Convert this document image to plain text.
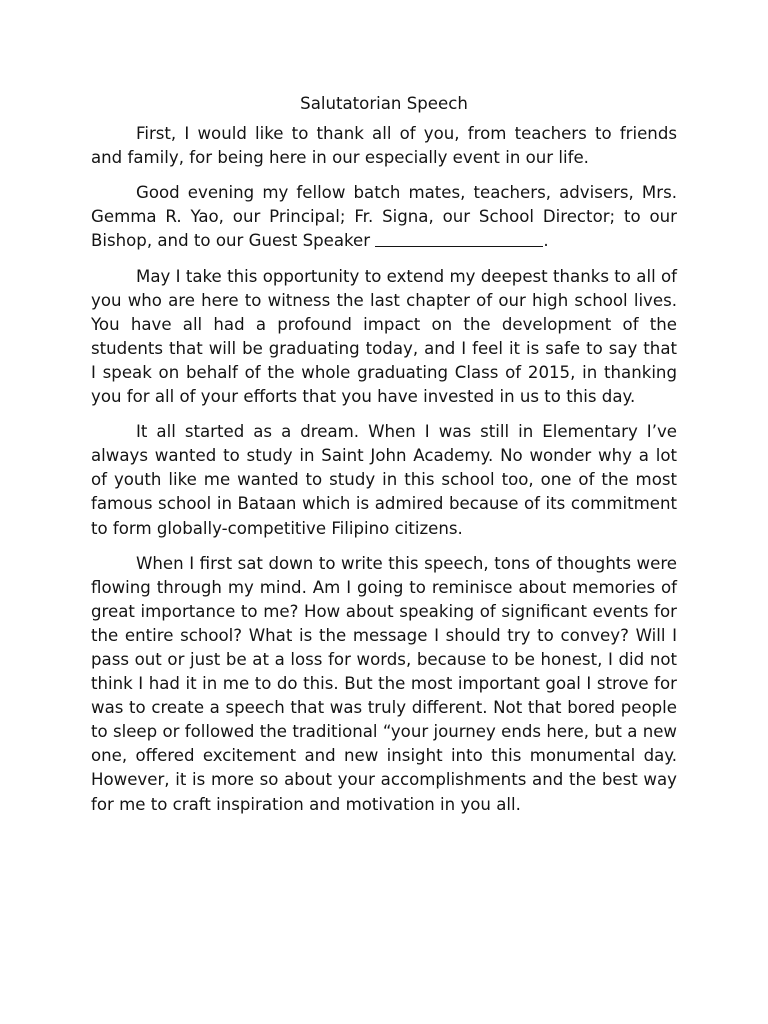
Salutatorian Speech

First, I would like to thank all of you, from teachers to friends and family, for being here in our especially event in our life.

Good evening my fellow batch mates, teachers, advisers, Mrs. Gemma R. Yao, our Principal; Fr. Signa, our School Director; to our Bishop, and to our Guest Speaker	.

May I take this opportunity to extend my deepest thanks to all of you who are here to witness the last chapter of our high school lives. You have all had a profound impact on the development of the students that will be graduating today, and I feel it is safe to say that I speak on behalf of the whole graduating Class of 2015, in thanking you for all of your efforts that you have invested in us to this day.

It all started as a dream. When I was still in Elementary I’ve always wanted to study in Saint John Academy. No wonder why a lot of youth like me wanted to study in this school too, one of the most famous school in Bataan which is admired because of its commitment to form globally-competitive Filipino citizens.

When I first sat down to write this speech, tons of thoughts were flowing through my mind. Am I going to reminisce about memories of great importance to me? How about speaking of significant events for the entire school? What is the message I should try to convey? Will I pass out or just be at a loss for words, because to be honest, I did not think I had it in me to do this. But the most important goal I strove for was to create a speech that was truly different. Not that bored people to sleep or followed the traditional “your journey ends here, but a new one, offered excitement and new insight into this monumental day. However, it is more so about your accomplishments and the best way for me to craft inspiration and motivation in you all.
